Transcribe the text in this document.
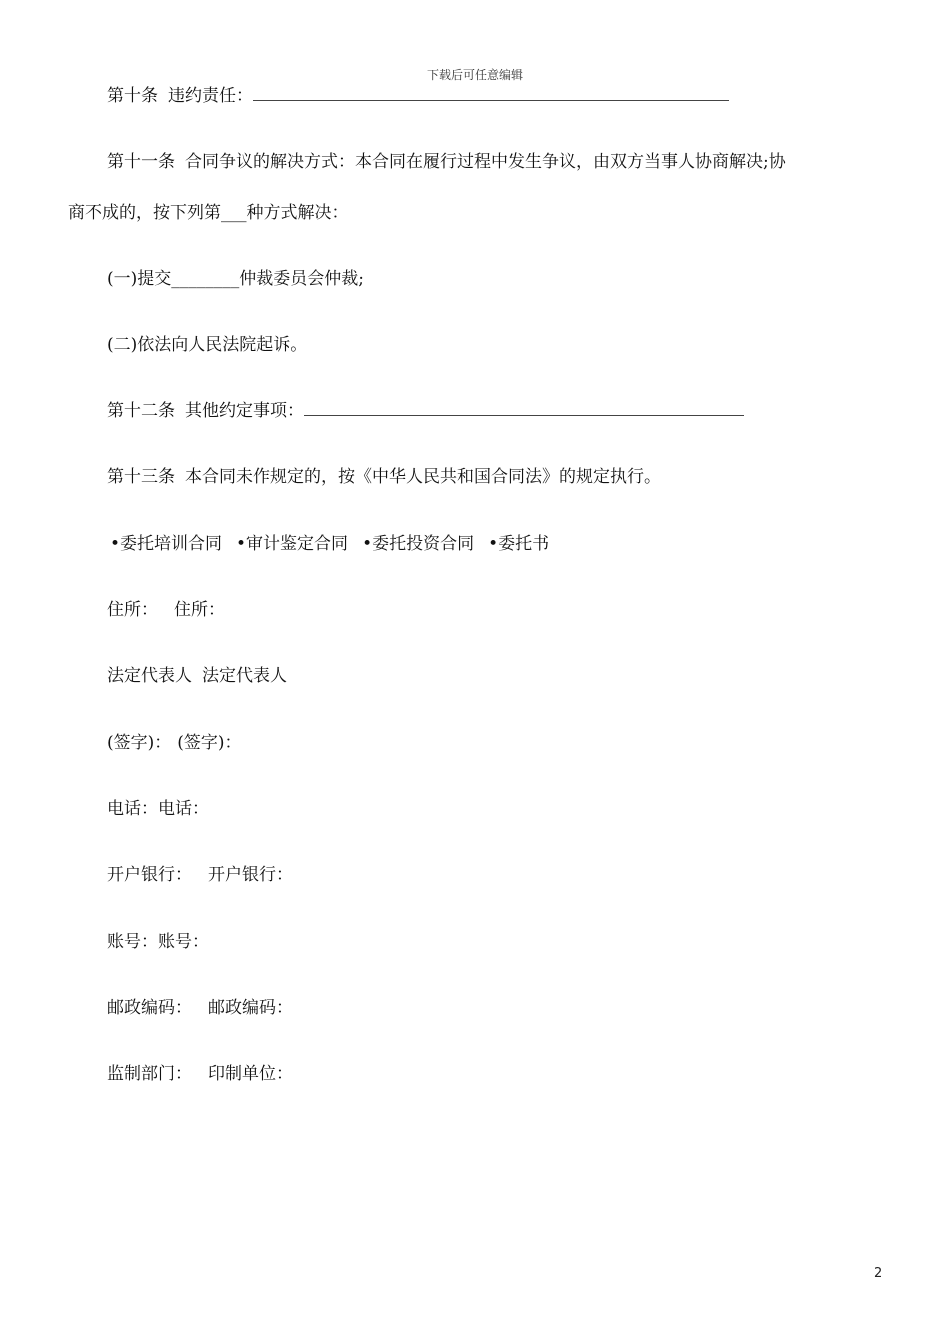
下载后可任意编辑
第十条 违约责任：
第十一条 合同争议的解决方式：本合同在履行过程中发生争议，由双方当事人协商解决;协
商不成的，按下列第___种方式解决：
(一)提交________仲裁委员会仲裁;
(二)依法向人民法院起诉。
第十二条 其他约定事项：
第十三条 本合同未作规定的，按《中华人民共和国合同法》的规定执行。
•委托培训合同 •审计鉴定合同 •委托投资合同 •委托书
住所： 住所：
法定代表人 法定代表人
(签字)： (签字)：
电话：电话：
开户银行： 开户银行：
账号：账号：
邮政编码： 邮政编码：
监制部门： 印制单位：
2
